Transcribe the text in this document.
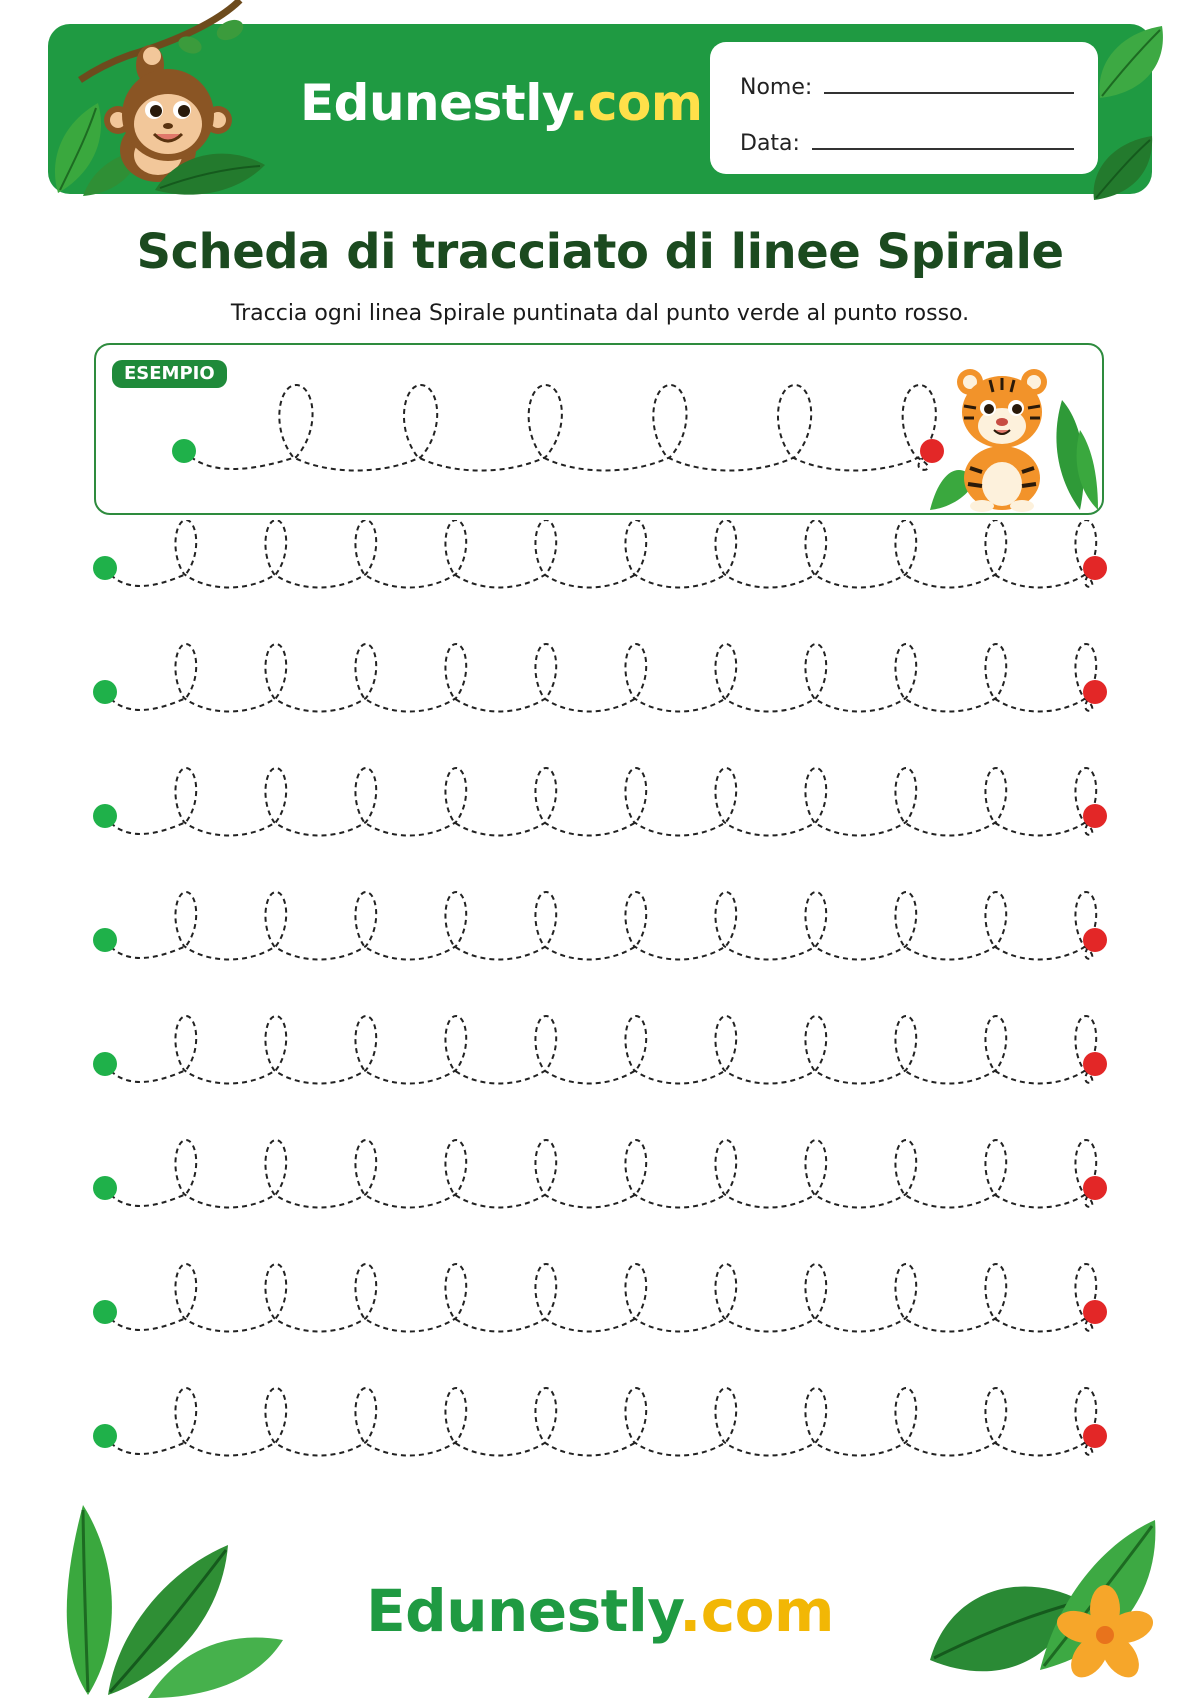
Edunestly.com Nome:
Data:
Scheda di tracciato di linee Spirale
Traccia ogni linea Spirale puntinata dal punto verde al punto rosso.
ESEMPIO
Edunestly.com
